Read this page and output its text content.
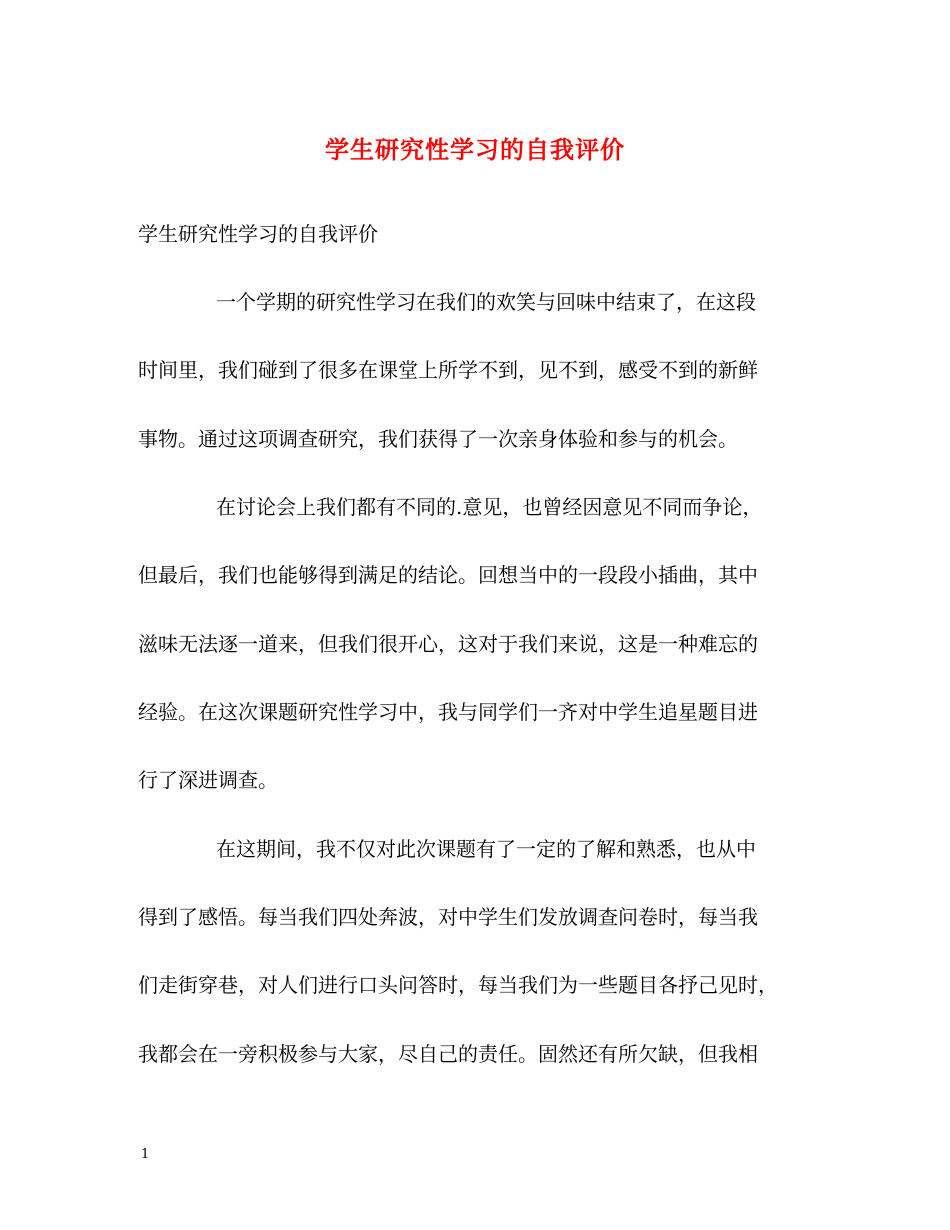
学生研究性学习的自我评价
学生研究性学习的自我评价
一个学期的研究性学习在我们的欢笑与回味中结束了，在这段
时间里，我们碰到了很多在课堂上所学不到，见不到，感受不到的新鲜
事物。通过这项调查研究，我们获得了一次亲身体验和参与的机会。
在讨论会上我们都有不同的.意见，也曾经因意见不同而争论，
但最后，我们也能够得到满足的结论。回想当中的一段段小插曲，其中
滋味无法逐一道来，但我们很开心，这对于我们来说，这是一种难忘的
经验。在这次课题研究性学习中，我与同学们一齐对中学生追星题目进
行了深进调查。
在这期间，我不仅对此次课题有了一定的了解和熟悉，也从中
得到了感悟。每当我们四处奔波，对中学生们发放调查问卷时，每当我
们走街穿巷，对人们进行口头问答时，每当我们为一些题目各抒己见时，
我都会在一旁积极参与大家，尽自己的责任。固然还有所欠缺，但我相
1
